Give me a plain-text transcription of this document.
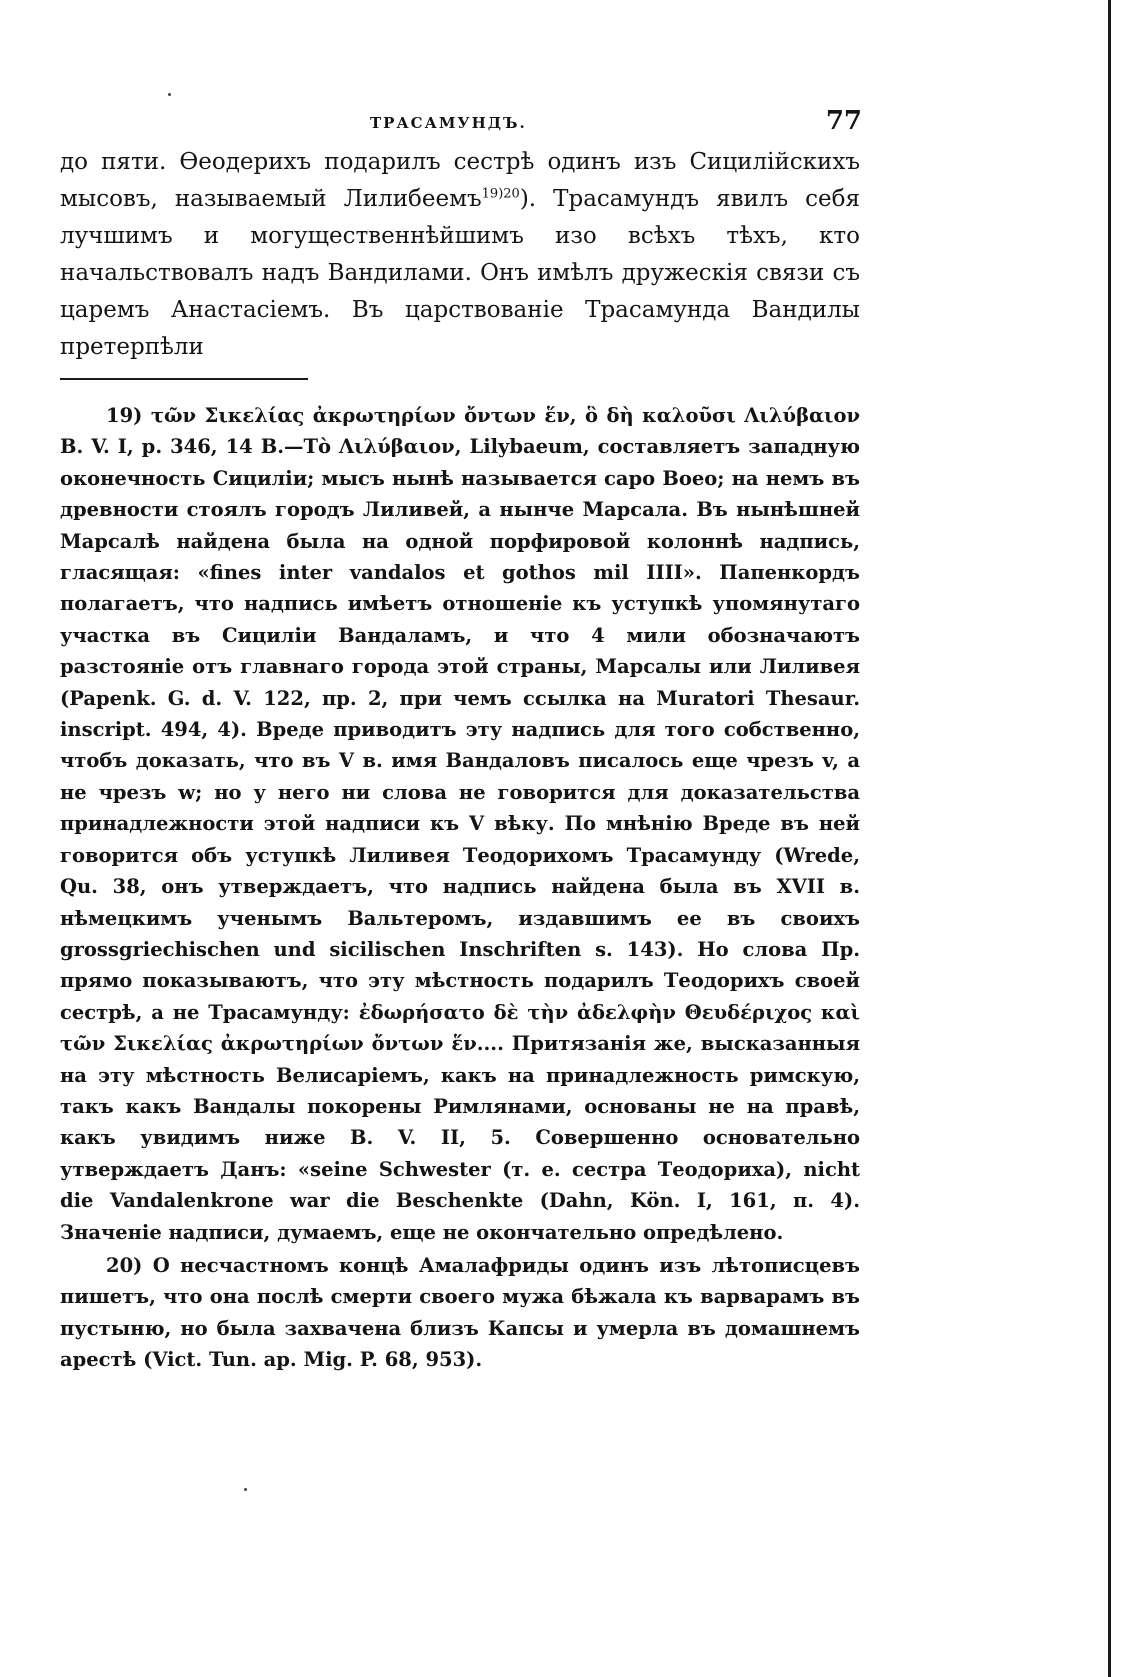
ТРАСАМУНДЪ.	77

до пяти. Өеодерихъ подарилъ сестрѣ одинъ изъ Сицилійскихъ мысовъ, называемый Лилибеемъ$^{19)20}$). Трасамундъ явилъ себя лучшимъ и могущественнѣйшимъ изо всѣхъ тѣхъ, кто начальствовалъ надъ Вандилами. Онъ имѣлъ дружескія связи съ царемъ Анастасіемъ. Въ царствованіе Трасамунда Вандилы претерпѣли

19) τῶν Σικελίας ἀκρωτηρίων ὄντων ἕν, ὃ δὴ καλοῦσι Λιλύβαιον B. V. I, p. 346, 14 B.—Τὸ Λιλύβαιον, Lilybaeum, составляетъ западную оконечность Сициліи; мысъ нынѣ называется capo Boeo; на немъ въ древности стоялъ городъ Лиливей, а нынче Марсала. Въ нынѣшней Марсалѣ найдена была на одной порфировой колоннѣ надпись, гласящая: «fines inter vandalos et gothos mil IIII». Папенкордъ полагаетъ, что надпись имѣетъ отношеніе къ уступкѣ упомянутаго участка въ Сициліи Вандаламъ, и что 4 мили обозначаютъ разстояніе отъ главнаго города этой страны, Марсалы или Лиливея (Papenk. G. d. V. 122, пр. 2, при чемъ ссылка на Muratori Thesaur. inscript. 494, 4). Вреде приводитъ эту надпись для того собственно, чтобъ доказать, что въ V в. имя Вандаловъ писалось еще чрезъ v, а не чрезъ w; но у него ни слова не говорится для доказательства принадлежности этой надписи къ V вѣку. По мнѣнію Вреде въ ней говорится объ уступкѣ Лиливея Теодорихомъ Трасамунду (Wrede, Qu. 38, онъ утверждаетъ, что надпись найдена была въ XVII в. нѣмецкимъ ученымъ Вальтеромъ, издавшимъ ее въ своихъ grossgriechischen und sicilischen Inschriften s. 143). Но слова Пр. прямо показываютъ, что эту мѣстность подарилъ Теодорихъ своей сестрѣ, а не Трасамунду: ἐδωρήσατο δὲ τὴν ἀδελφὴν Θευδέριχος καὶ τῶν Σικελίας ἀκρωτηρίων ὄντων ἕν.... Притязанія же, высказанныя на эту мѣстность Велисаріемъ, какъ на принадлежность римскую, такъ какъ Вандалы покорены Римлянами, основаны не на правѣ, какъ увидимъ ниже B. V. II, 5. Совершенно основательно утверждаетъ Данъ: «seine Schwester (т. е. сестра Теодориха), nicht die Vandalenkrone war die Beschenkte (Dahn, Kön. I, 161, п. 4). Значеніе надписи, думаемъ, еще не окончательно опредѣлено.

20) О несчастномъ концѣ Амалафриды одинъ изъ лѣтописцевъ пишетъ, что она послѣ смерти своего мужа бѣжала къ варварамъ въ пустыню, но была захвачена близъ Капсы и умерла въ домашнемъ арестѣ (Vict. Tun. ap. Mig. P. 68, 953).
